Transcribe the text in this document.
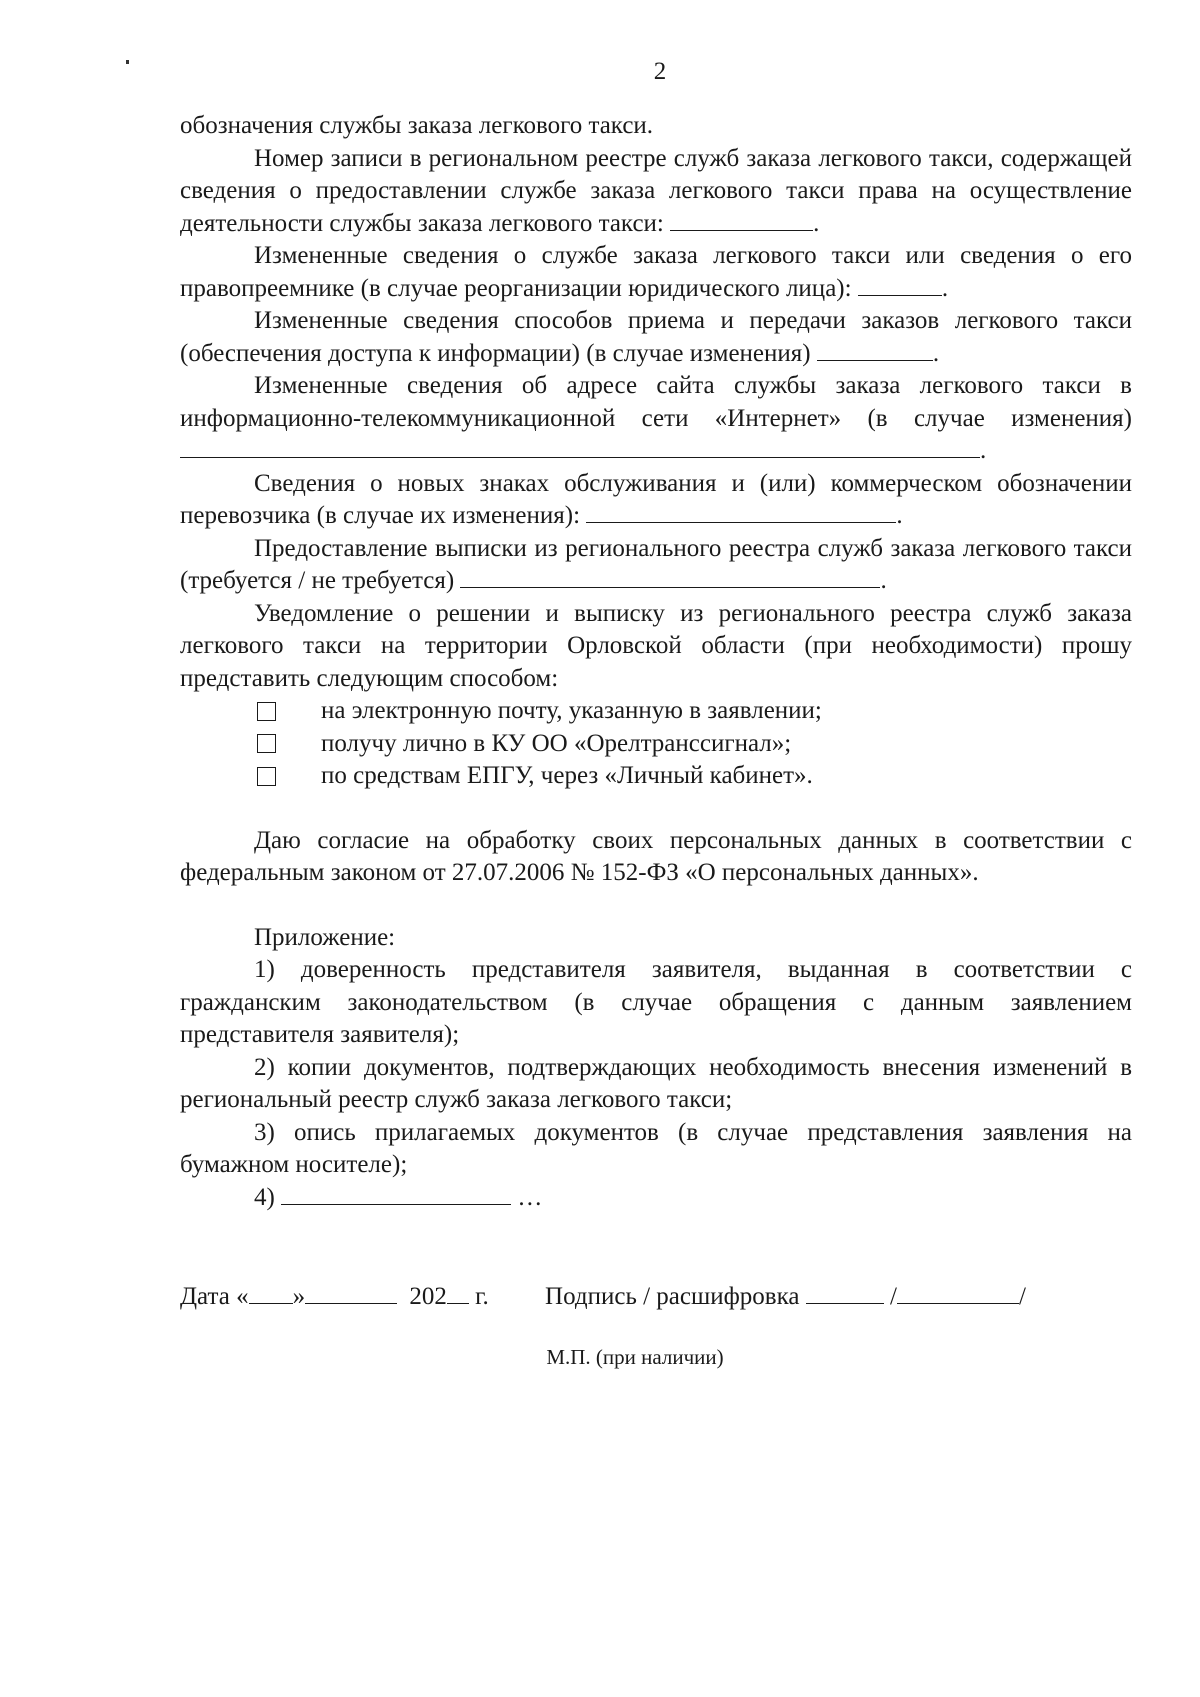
2

обозначения службы заказа легкового такси.

Номер записи в региональном реестре служб заказа легкового такси, содержащей сведения о предоставлении службе заказа легкового такси права на осуществление деятельности службы заказа легкового такси:	.

Измененные сведения о службе заказа легкового такси или сведения о его правопреемнике (в случае реорганизации юридического лица):	.

Измененные сведения способов приема и передачи заказов легкового такси (обеспечения доступа к информации) (в случае изменения)	.

Измененные сведения об адресе сайта службы заказа легкового такси в информационно-телекоммуникационной сети «Интернет» (в случае изменения) .

Сведения о новых знаках обслуживания и (или) коммерческом обозначении перевозчика (в случае их изменения):	.

Предоставление выписки из регионального реестра служб заказа легкового такси (требуется / не требуется)	.

Уведомление о решении и выписку из регионального реестра служб заказа легкового такси на территории Орловской области (при необходимости) прошу представить следующим способом:

на электронную почту, указанную в заявлении;
получу лично в КУ ОО «Орелтранссигнал»;
по средствам ЕПГУ, через «Личный кабинет».

Даю согласие на обработку своих персональных данных в соответствии с федеральным законом от 27.07.2006 № 152-ФЗ «О персональных данных».

Приложение:

1) доверенность представителя заявителя, выданная в соответствии с гражданским законодательством (в случае обращения с данным заявлением представителя заявителя);

2) копии документов, подтверждающих необходимость внесения изменений в региональный реестр служб заказа легкового такси;

3) опись прилагаемых документов (в случае представления заявления на бумажном носителе);

4)	…

Дата « »	202 г. Подпись / расшифровка	/	/
М.П. (при наличии)
